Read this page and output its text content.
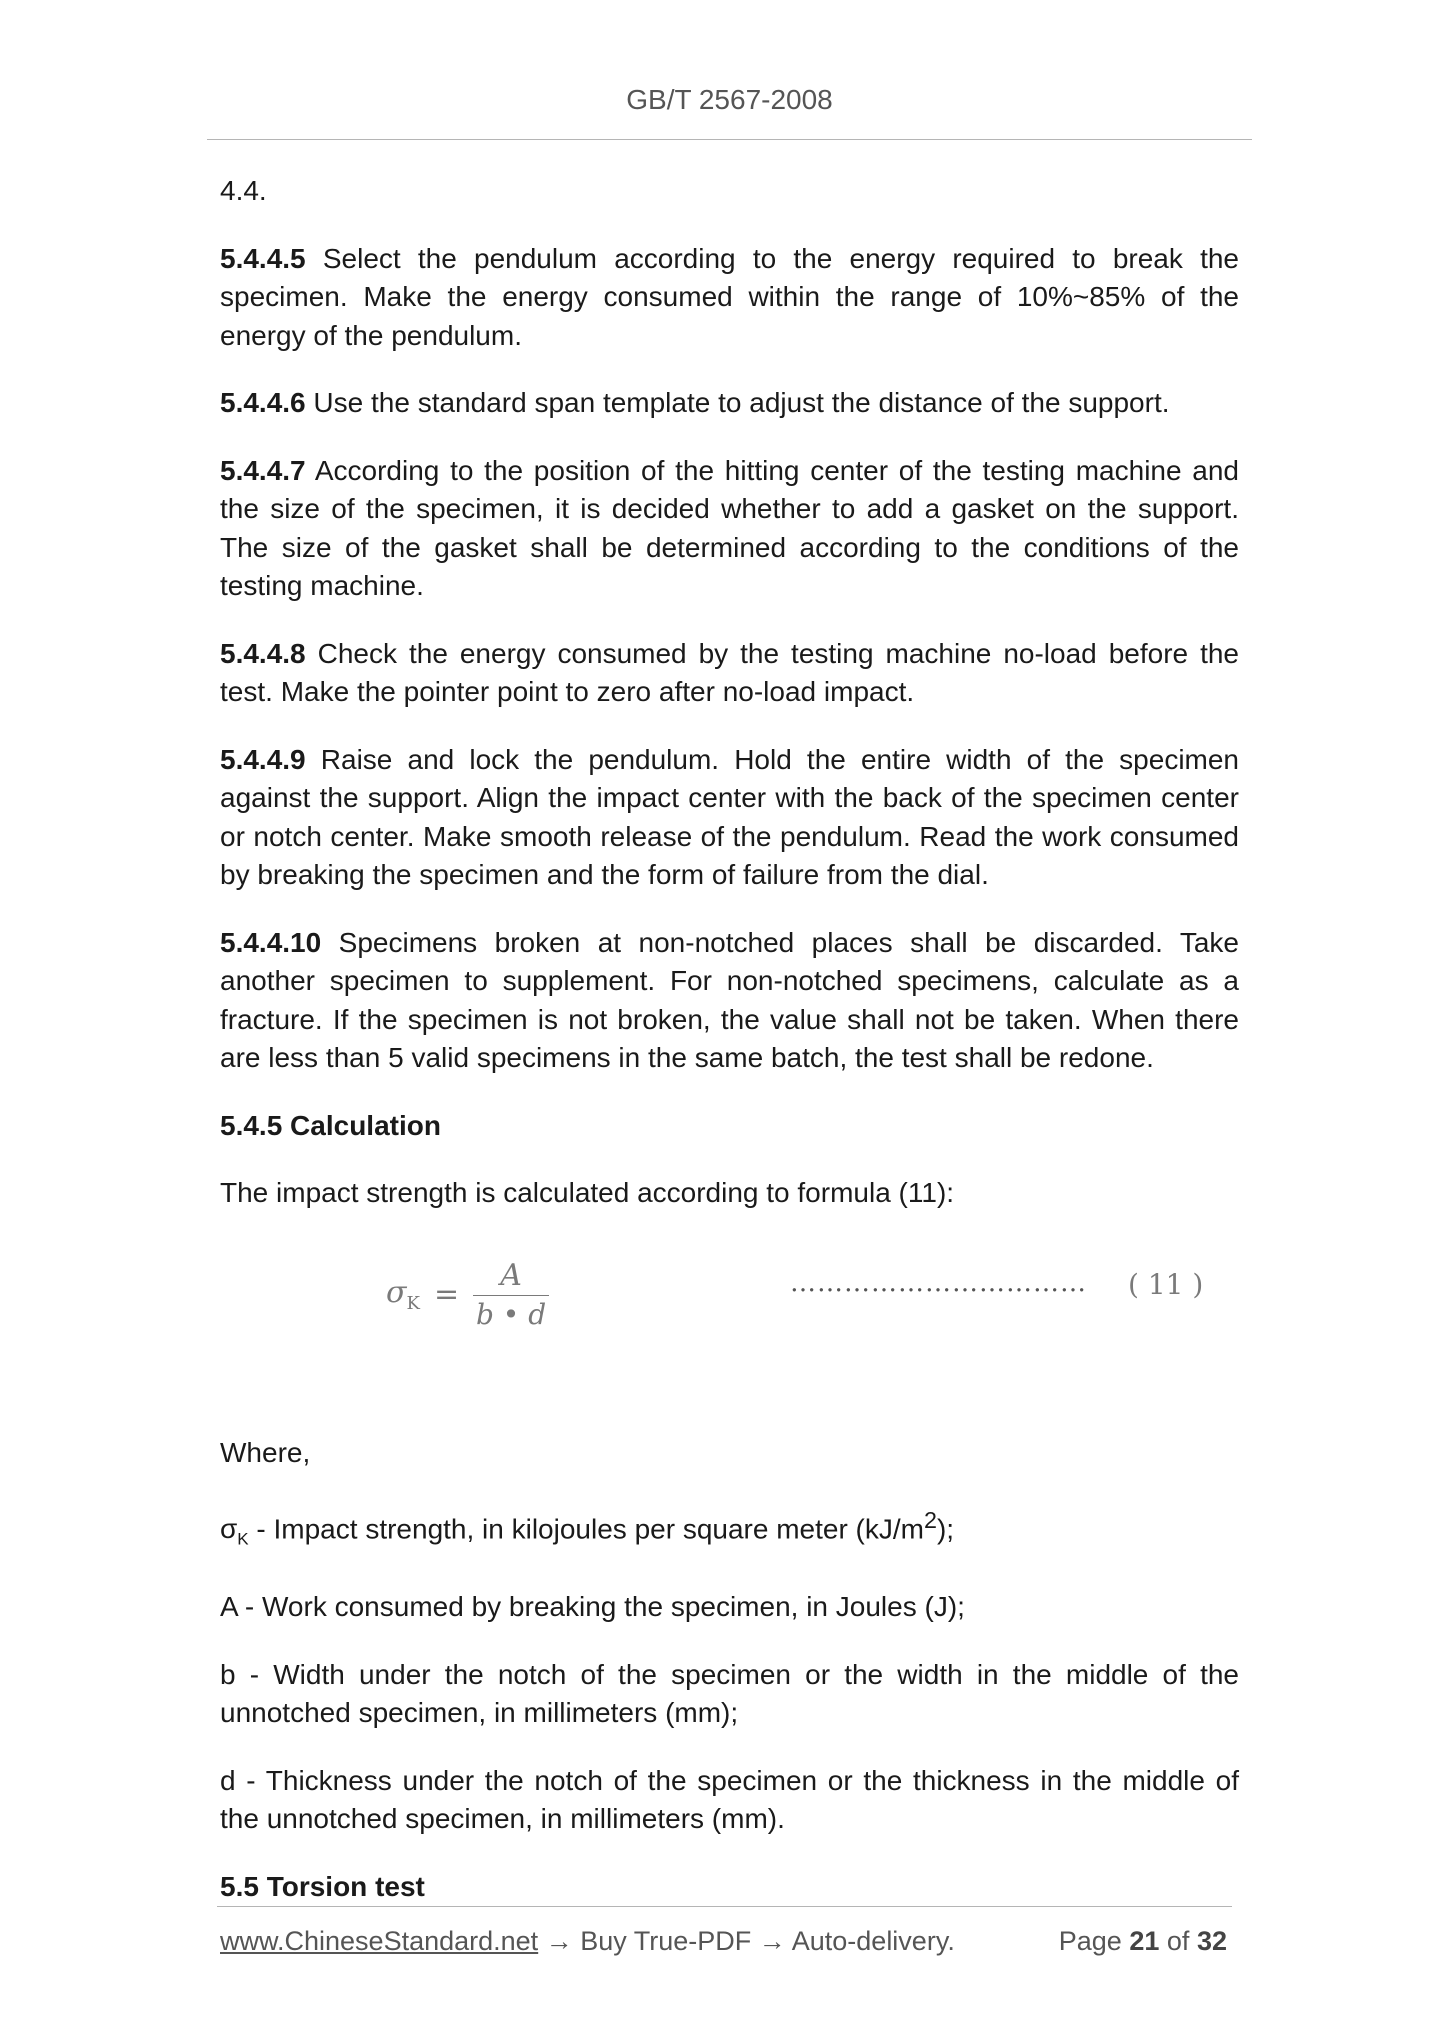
GB/T 2567-2008

4.4.

5.4.4.5 Select the pendulum according to the energy required to break the specimen. Make the energy consumed within the range of 10%~85% of the energy of the pendulum.

5.4.4.6 Use the standard span template to adjust the distance of the support.

5.4.4.7 According to the position of the hitting center of the testing machine and the size of the specimen, it is decided whether to add a gasket on the support. The size of the gasket shall be determined according to the conditions of the testing machine.

5.4.4.8 Check the energy consumed by the testing machine no-load before the test. Make the pointer point to zero after no-load impact.

5.4.4.9 Raise and lock the pendulum. Hold the entire width of the specimen against the support. Align the impact center with the back of the specimen center or notch center. Make smooth release of the pendulum. Read the work consumed by breaking the specimen and the form of failure from the dial.

5.4.4.10 Specimens broken at non-notched places shall be discarded. Take another specimen to supplement. For non-notched specimens, calculate as a fracture. If the specimen is not broken, the value shall not be taken. When there are less than 5 valid specimens in the same batch, the test shall be redone.

5.4.5 Calculation

The impact strength is calculated according to formula (11):

$\sigma_K = \frac{A}{b • d}$	…………………………… ( 11 )

Where,

$\sigma_K$ - Impact strength, in kilojoules per square meter $(kJ/m^2)$;

A - Work consumed by breaking the specimen, in Joules (J);

b - Width under the notch of the specimen or the width in the middle of the unnotched specimen, in millimeters (mm);

d - Thickness under the notch of the specimen or the thickness in the middle of the unnotched specimen, in millimeters (mm).

5.5 Torsion test

www.ChineseStandard.net → Buy True-PDF → Auto-delivery.	Page 21 of 32
